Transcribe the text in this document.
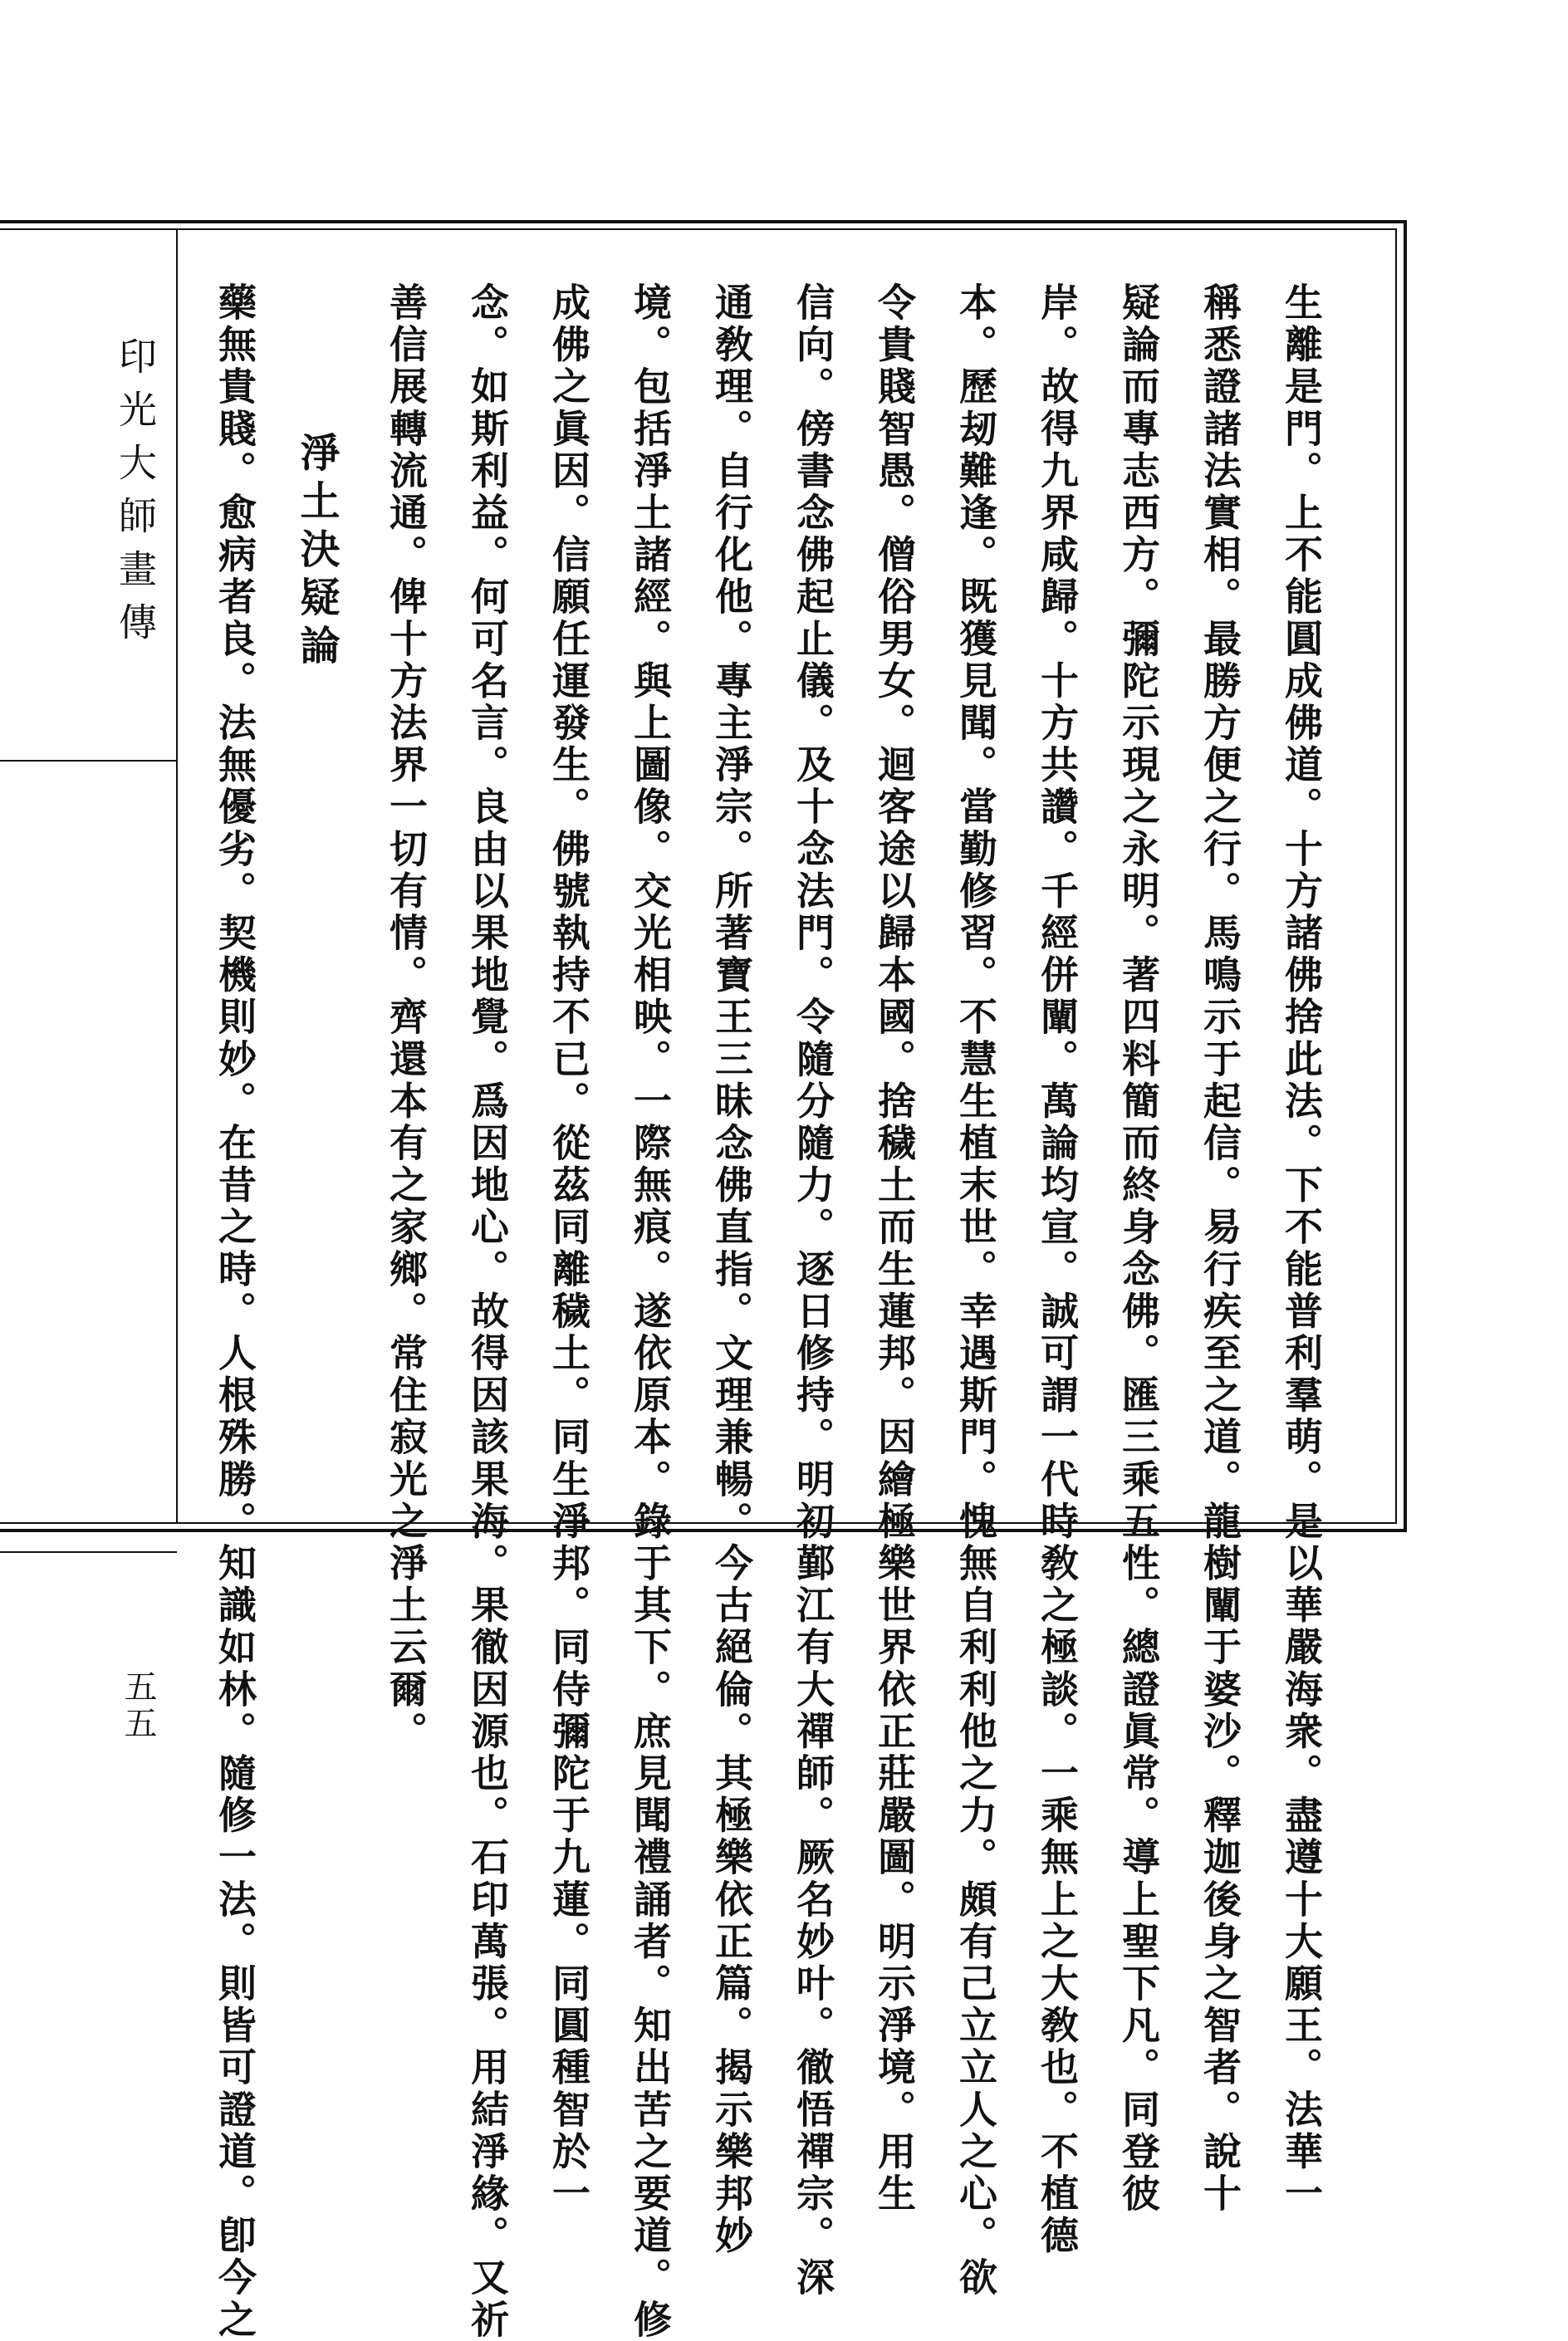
印光大師畫傳
五五	生離是門。上不能圓成佛道。十方諸佛捨此法。下不能普利羣萌。是以華嚴海衆。盡遵十大願王。法華一
稱悉證諸法實相。最勝方便之行。馬鳴示于起信。易行疾至之道。龍樹闡于婆沙。釋迦後身之智者。說十
疑論而專志西方。彌陀示現之永明。著四料簡而終身念佛。匯三乘五性。總證眞常。導上聖下凡。同登彼
岸。故得九界咸歸。十方共讚。千經併闡。萬論均宣。誠可謂一代時敎之極談。一乘無上之大敎也。不植德
本。歷刼難逢。既獲見聞。當勤修習。不慧生植末世。幸遇斯門。愧無自利利他之力。頗有己立立人之心。欲
令貴賤智愚。僧俗男女。迴客途以歸本國。捨穢土而生蓮邦。因繪極樂世界依正莊嚴圖。明示淨境。用生
信向。傍書念佛起止儀。及十念法門。令隨分隨力。逐日修持。明初鄞江有大禪師。厥名妙叶。徹悟禪宗。深
通敎理。自行化他。專主淨宗。所著寶王三昧念佛直指。文理兼暢。今古絕倫。其極樂依正篇。揭示樂邦妙
境。包括淨土諸經。與上圖像。交光相映。一際無痕。遂依原本。錄于其下。庶見聞禮誦者。知出苦之要道。修
成佛之眞因。信願任運發生。佛號執持不已。從茲同離穢土。同生淨邦。同侍彌陀于九蓮。同圓種智於一
念。如斯利益。何可名言。良由以果地覺。爲因地心。故得因該果海。果徹因源也。石印萬張。用結淨緣。又祈
善信展轉流通。俾十方法界一切有情。齊還本有之家鄉。常住寂光之淨土云爾。
淨土決疑論
藥無貴賤。愈病者良。法無優劣。契機則妙。在昔之時。人根殊勝。知識如林。隨修一法。則皆可證道。卽今之
